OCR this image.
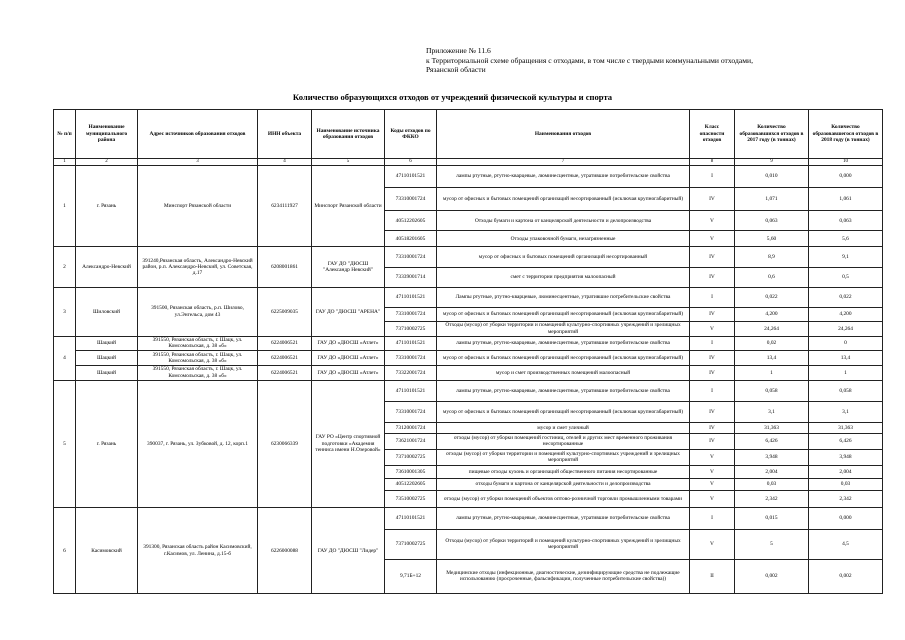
Приложение № 11.6
к Территориальной схеме обращения с отходами, в том числе с твердыми коммунальными отходами,
Рязанской области
Количество образующихся отходов от учреждений физической культуры и спорта
№ п/п	Наименование муниципального района	Адрес источников образования отходов	ИНН объекта	Наименование источника образования отходов	Коды отходов по ФККО	Наименования отходов	Класс опасности отходов	Количество образовавшихся отходов в 2017 году (в тоннах)	Количество образовавшегося отходов в 2018 году (в тоннах)
1	2	3	4	5	6	7	8	9	10
1	г. Рязань	Минспорт Рязанской области	6234111927	Минспорт Рязанской области	47110101521	лампы ртутные, ртутно-кварцевые, люминесцентные, утратившие потребительские свойства	I	0,010	0,000
					73310001724	мусор от офисных и бытовых помещений организаций несортированный (исключая крупногабаритный)	IV	1,071	1,061
					40512202605	Отходы бумаги и картона от канцелярской деятельности и делопроизводства	V	0,063	0,063
					40518201605	Отходы упаковочной бумаги, незагрязненные	V	5,60	5,6
2	Александро-Невский	391240,Рязанская область, Александро-Невский район, р.п. Александро-Невский, ул. Советская, д.17	6208001861	ГАУ ДО "ДЮСШ "Александр Невский"	73310001724	мусор от офисных и бытовых помещений организаций несортированный	IV	8,9	9,1
					73339001714	смет с территории предприятия малоопасный	IV	0,6	0,5
3	Шиловский	391500, Рязанская область, р.п. Шилово, ул.Энгельса, дом 43	6225009035	ГАУ ДО "ДЮСШ "АРЕНА"	47110101521	Лампы ртутные, ртутно-кварцевые, люминесцентные, утратившие потребительские свойства	I	0,022	0,022
					73310001724	мусор от офисных и бытовых помещений организаций несортированный (исключая крупногабаритный)	IV	4,200	4,200
					73710002725	Отходы (мусор) от уборки территории и помещений культурно-спортивных учреждений и зрелищных мероприятий	V	24,264	24,264
4	Шацкий	391550, Рязанская область, г. Шацк, ул. Комсомольская, д. 38 «б»	6224006521	ГАУ ДО «ДЮСШ «Атлет»	47110101521	лампы ртутные, ртутно-кварцевые, люминесцентные, утратившие потребительские свойства	I	0,02	0
	Шацкий	391550, Рязанская область, г. Шацк, ул. Комсомольская, д. 38 «б»	6224006521	ГАУ ДО «ДЮСШ «Атлет»	73310001724	мусор от офисных и бытовых помещений организаций несортированный (исключая крупногабаритный)	IV	13,4	13,4
	Шацкий	391550, Рязанская область, г. Шацк, ул. Комсомольская, д. 38 «б»	6224006521	ГАУ ДО «ДЮСШ «Атлет»	73322001724	мусор и смет производственных помещений малоопасный	IV	1	1
5	г. Рязань	390037, г. Рязань, ул. Зубковой, д. 12, корп.1	6230066339	ГАУ РО «Центр спортивной подготовки «Академия тенниса имени Н.Озеровой»	47110101521	лампы ртутные, ртутно-кварцевые, люминесцентные, утратившие потребительские свойства	I	0,058	0,058
					73310001724	мусор от офисных и бытовых помещений организаций несортированный (исключая крупногабаритный)	IV	3,1	3,1
					73120001724	мусор и смет уличный	IV	31,363	31,363
					73621001724	отходы (мусор) от уборки помещений гостиниц, отелей и других мест временного проживания несортированные	IV	6,426	6,426
					73710002725	отходы (мусор) от уборки территории и помещений культурно-спортивных учреждений и зрелищных мероприятий	V	3,948	3,948
					73610001305	пищевые отходы кухонь и организаций общественного питания несортированные	V	2,004	2,004
					40512202605	отходы бумаги и картона от канцелярской деятельности и делопроизводства	V	0,03	0,03
					73510002725	отходы (мусор) от уборки помещений объектов оптово-розничной торговли промышленными товарами	V	2,342	2,342
6	Касимовский	391300, Рязанская область район Касимовский, г.Касимов, ул. Ленина, д.15-б	6226000088	ГАУ ДО "ДЮСШ "Лидер"	47110101521	лампы ртутные, ртутно-кварцевые, люминесцентные, утратившие потребительские свойства	I	0,015	0,000
					73710002725	Отходы (мусор) от уборки территорий и помещений культурно-спортивных учреждений и зрелищных мероприятий	V	5	4,5
					9,71Б+12	Медицинские отходы (инфекционные, диагностические, дезинфицирующие средства не подлежащие использованию (просроченные, фальсификации, полученные потребительские свойства))	II	0,002	0,002
